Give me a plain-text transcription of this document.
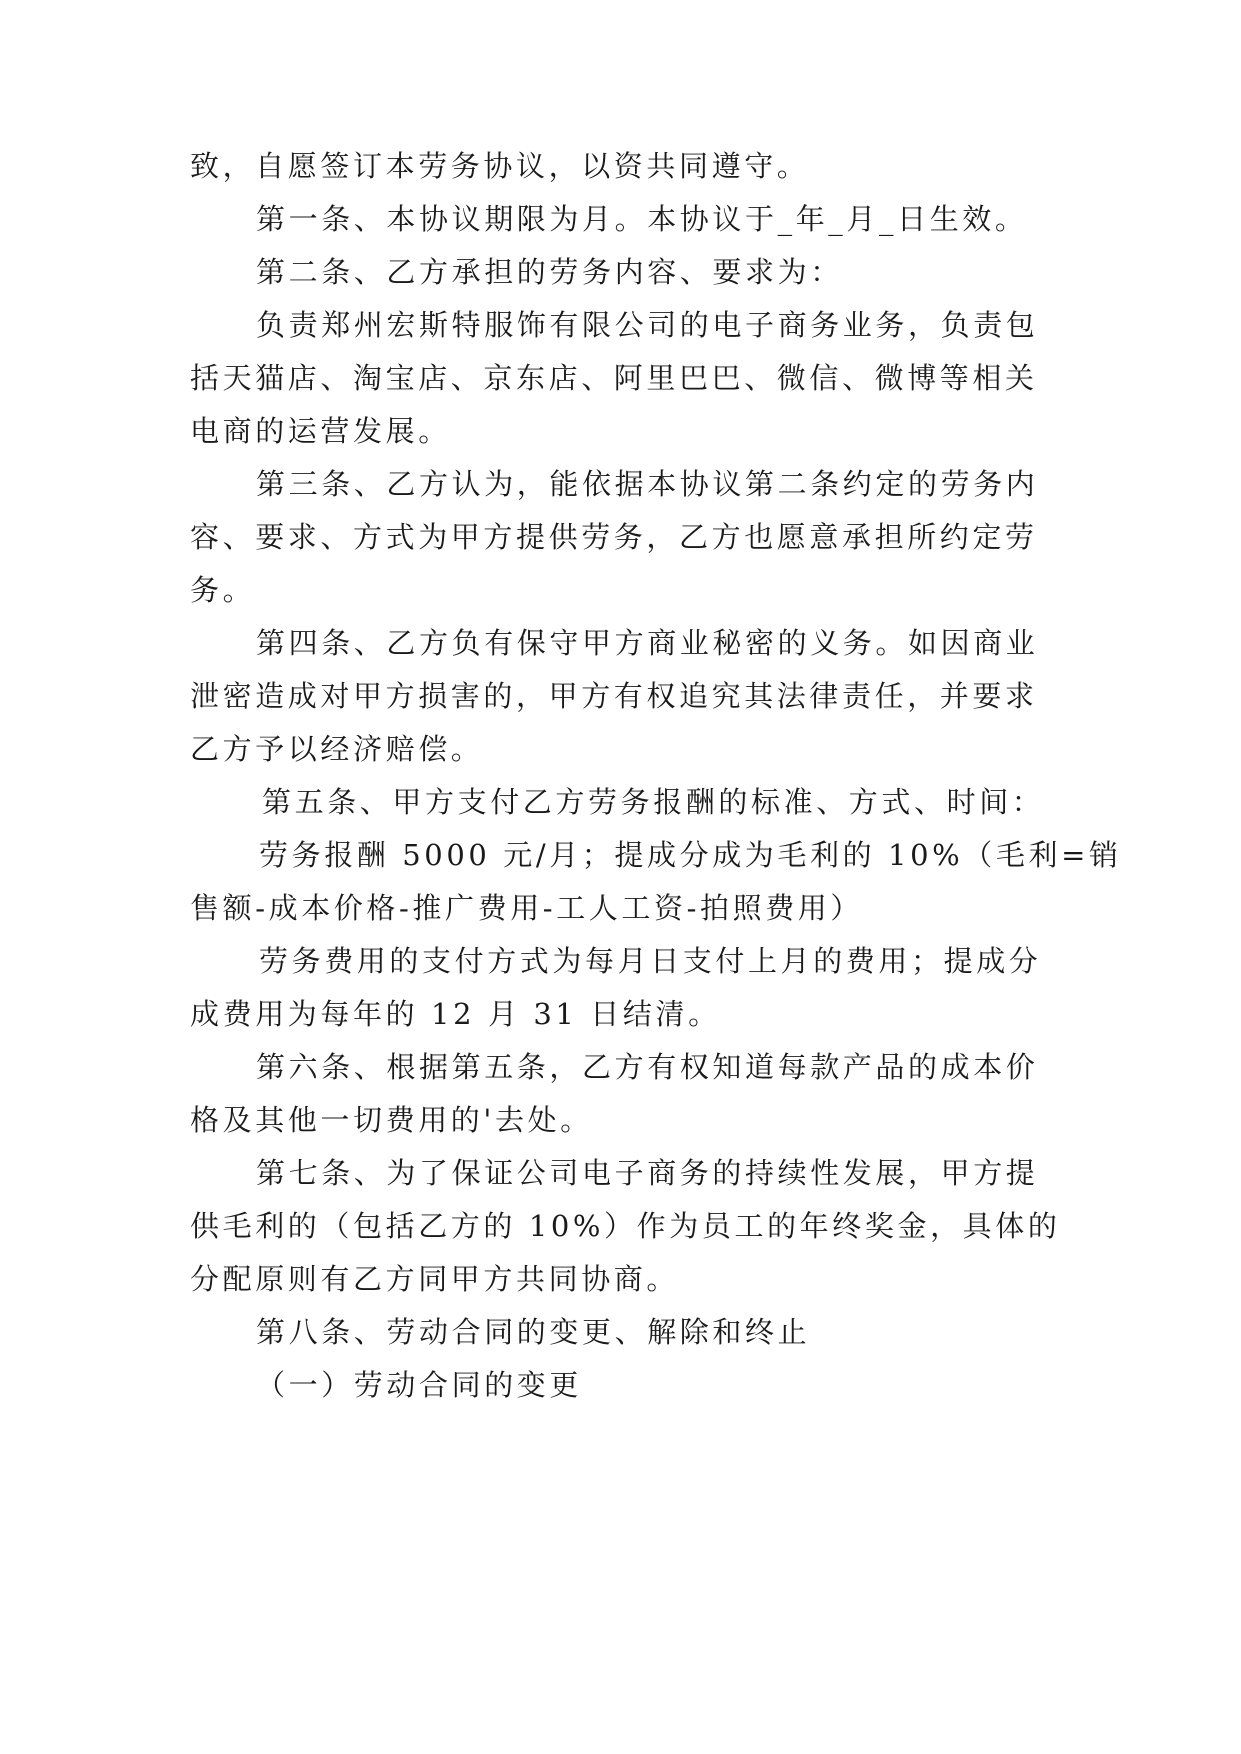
致，自愿签订本劳务协议，以资共同遵守。
第一条、本协议期限为月。本协议于_年_月_日生效。
第二条、乙方承担的劳务内容、要求为：
负责郑州宏斯特服饰有限公司的电子商务业务，负责包
括天猫店、淘宝店、京东店、阿里巴巴、微信、微博等相关
电商的运营发展。
第三条、乙方认为，能依据本协议第二条约定的劳务内
容、要求、方式为甲方提供劳务，乙方也愿意承担所约定劳
务。
第四条、乙方负有保守甲方商业秘密的义务。如因商业
泄密造成对甲方损害的，甲方有权追究其法律责任，并要求
乙方予以经济赔偿。
第五条、甲方支付乙方劳务报酬的标准、方式、时间：
劳务报酬 5000 元/月；提成分成为毛利的 10%（毛利=销
售额-成本价格-推广费用-工人工资-拍照费用）
劳务费用的支付方式为每月日支付上月的费用；提成分
成费用为每年的 12 月 31 日结清。
第六条、根据第五条，乙方有权知道每款产品的成本价
格及其他一切费用的'去处。
第七条、为了保证公司电子商务的持续性发展，甲方提
供毛利的（包括乙方的 10%）作为员工的年终奖金，具体的
分配原则有乙方同甲方共同协商。
第八条、劳动合同的变更、解除和终止
（一）劳动合同的变更
